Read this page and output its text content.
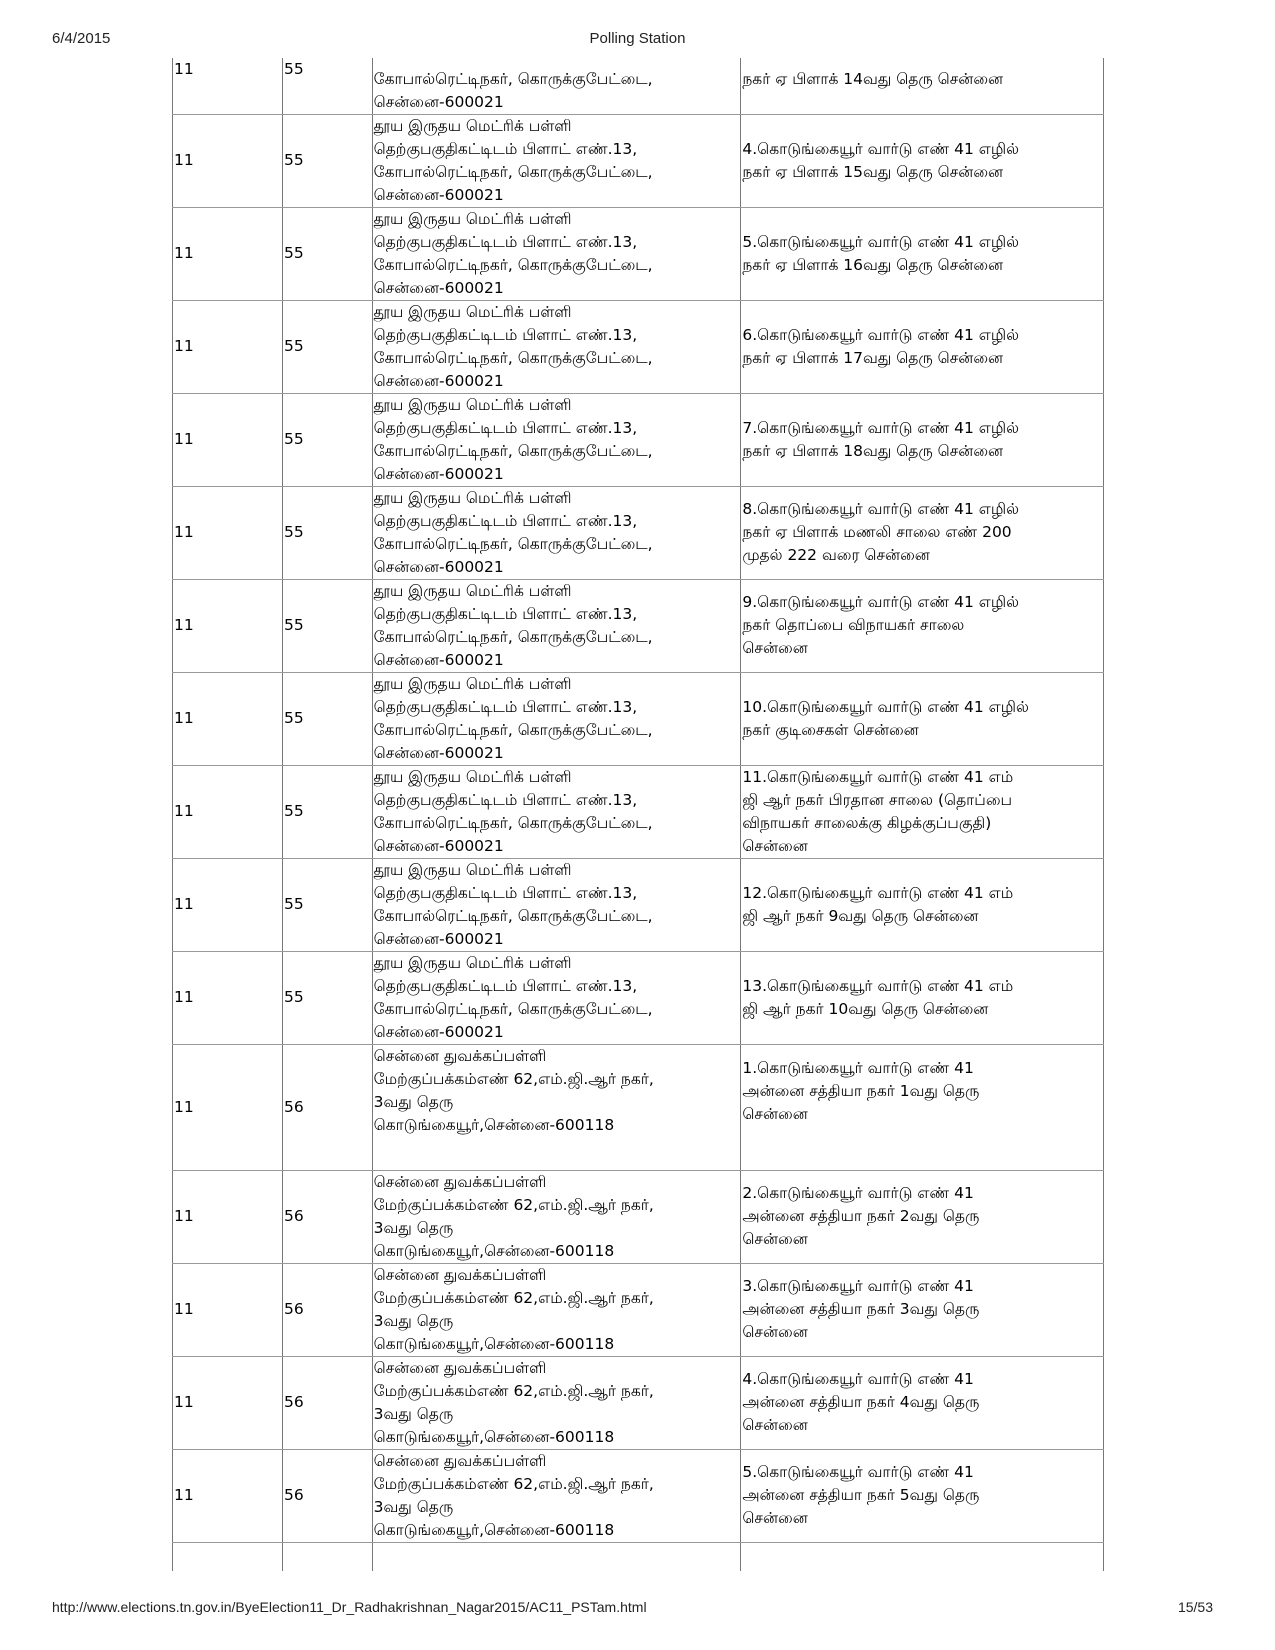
6/4/2015	Polling Station
11	55	கோபால்ரெட்டிநகர், கொருக்குபேட்டை,
சென்னை-600021	நகர் ஏ பிளாக் 14வது தெரு சென்னை
11	55	தூய இருதய மெட்ரிக் பள்ளி
தெற்குபகுதிகட்டிடம் பிளாட் எண்.13,
கோபால்ரெட்டிநகர், கொருக்குபேட்டை,
சென்னை-600021	4.கொடுங்கையூர் வார்டு எண் 41 எழில்
நகர் ஏ பிளாக் 15வது தெரு சென்னை
11	55	தூய இருதய மெட்ரிக் பள்ளி
தெற்குபகுதிகட்டிடம் பிளாட் எண்.13,
கோபால்ரெட்டிநகர், கொருக்குபேட்டை,
சென்னை-600021	5.கொடுங்கையூர் வார்டு எண் 41 எழில்
நகர் ஏ பிளாக் 16வது தெரு சென்னை
11	55	தூய இருதய மெட்ரிக் பள்ளி
தெற்குபகுதிகட்டிடம் பிளாட் எண்.13,
கோபால்ரெட்டிநகர், கொருக்குபேட்டை,
சென்னை-600021	6.கொடுங்கையூர் வார்டு எண் 41 எழில்
நகர் ஏ பிளாக் 17வது தெரு சென்னை
11	55	தூய இருதய மெட்ரிக் பள்ளி
தெற்குபகுதிகட்டிடம் பிளாட் எண்.13,
கோபால்ரெட்டிநகர், கொருக்குபேட்டை,
சென்னை-600021	7.கொடுங்கையூர் வார்டு எண் 41 எழில்
நகர் ஏ பிளாக் 18வது தெரு சென்னை
11	55	தூய இருதய மெட்ரிக் பள்ளி
தெற்குபகுதிகட்டிடம் பிளாட் எண்.13,
கோபால்ரெட்டிநகர், கொருக்குபேட்டை,
சென்னை-600021	8.கொடுங்கையூர் வார்டு எண் 41 எழில்
நகர் ஏ பிளாக் மணலி சாலை எண் 200
முதல் 222 வரை சென்னை
11	55	தூய இருதய மெட்ரிக் பள்ளி
தெற்குபகுதிகட்டிடம் பிளாட் எண்.13,
கோபால்ரெட்டிநகர், கொருக்குபேட்டை,
சென்னை-600021	9.கொடுங்கையூர் வார்டு எண் 41 எழில்
நகர் தொப்பை விநாயகர் சாலை
சென்னை
11	55	தூய இருதய மெட்ரிக் பள்ளி
தெற்குபகுதிகட்டிடம் பிளாட் எண்.13,
கோபால்ரெட்டிநகர், கொருக்குபேட்டை,
சென்னை-600021	10.கொடுங்கையூர் வார்டு எண் 41 எழில்
நகர் குடிசைகள் சென்னை
11	55	தூய இருதய மெட்ரிக் பள்ளி
தெற்குபகுதிகட்டிடம் பிளாட் எண்.13,
கோபால்ரெட்டிநகர், கொருக்குபேட்டை,
சென்னை-600021	11.கொடுங்கையூர் வார்டு எண் 41 எம்
ஜி ஆர் நகர் பிரதான சாலை (தொப்பை
விநாயகர் சாலைக்கு கிழக்குப்பகுதி)
சென்னை
11	55	தூய இருதய மெட்ரிக் பள்ளி
தெற்குபகுதிகட்டிடம் பிளாட் எண்.13,
கோபால்ரெட்டிநகர், கொருக்குபேட்டை,
சென்னை-600021	12.கொடுங்கையூர் வார்டு எண் 41 எம்
ஜி ஆர் நகர் 9வது தெரு சென்னை
11	55	தூய இருதய மெட்ரிக் பள்ளி
தெற்குபகுதிகட்டிடம் பிளாட் எண்.13,
கோபால்ரெட்டிநகர், கொருக்குபேட்டை,
சென்னை-600021	13.கொடுங்கையூர் வார்டு எண் 41 எம்
ஜி ஆர் நகர் 10வது தெரு சென்னை
11	56	சென்னை துவக்கப்பள்ளி
மேற்குப்பக்கம்எண் 62,எம்.ஜி.ஆர் நகர்,
3வது தெரு
கொடுங்கையூர்,சென்னை-600118	1.கொடுங்கையூர் வார்டு எண் 41
அன்னை சத்தியா நகர் 1வது தெரு
சென்னை
11	56	சென்னை துவக்கப்பள்ளி
மேற்குப்பக்கம்எண் 62,எம்.ஜி.ஆர் நகர்,
3வது தெரு
கொடுங்கையூர்,சென்னை-600118	2.கொடுங்கையூர் வார்டு எண் 41
அன்னை சத்தியா நகர் 2வது தெரு
சென்னை
11	56	சென்னை துவக்கப்பள்ளி
மேற்குப்பக்கம்எண் 62,எம்.ஜி.ஆர் நகர்,
3வது தெரு
கொடுங்கையூர்,சென்னை-600118	3.கொடுங்கையூர் வார்டு எண் 41
அன்னை சத்தியா நகர் 3வது தெரு
சென்னை
11	56	சென்னை துவக்கப்பள்ளி
மேற்குப்பக்கம்எண் 62,எம்.ஜி.ஆர் நகர்,
3வது தெரு
கொடுங்கையூர்,சென்னை-600118	4.கொடுங்கையூர் வார்டு எண் 41
அன்னை சத்தியா நகர் 4வது தெரு
சென்னை
11	56	சென்னை துவக்கப்பள்ளி
மேற்குப்பக்கம்எண் 62,எம்.ஜி.ஆர் நகர்,
3வது தெரு
கொடுங்கையூர்,சென்னை-600118	5.கொடுங்கையூர் வார்டு எண் 41
அன்னை சத்தியா நகர் 5வது தெரு
சென்னை

http://www.elections.tn.gov.in/ByeElection11_Dr_Radhakrishnan_Nagar2015/AC11_PSTam.html	15/53
